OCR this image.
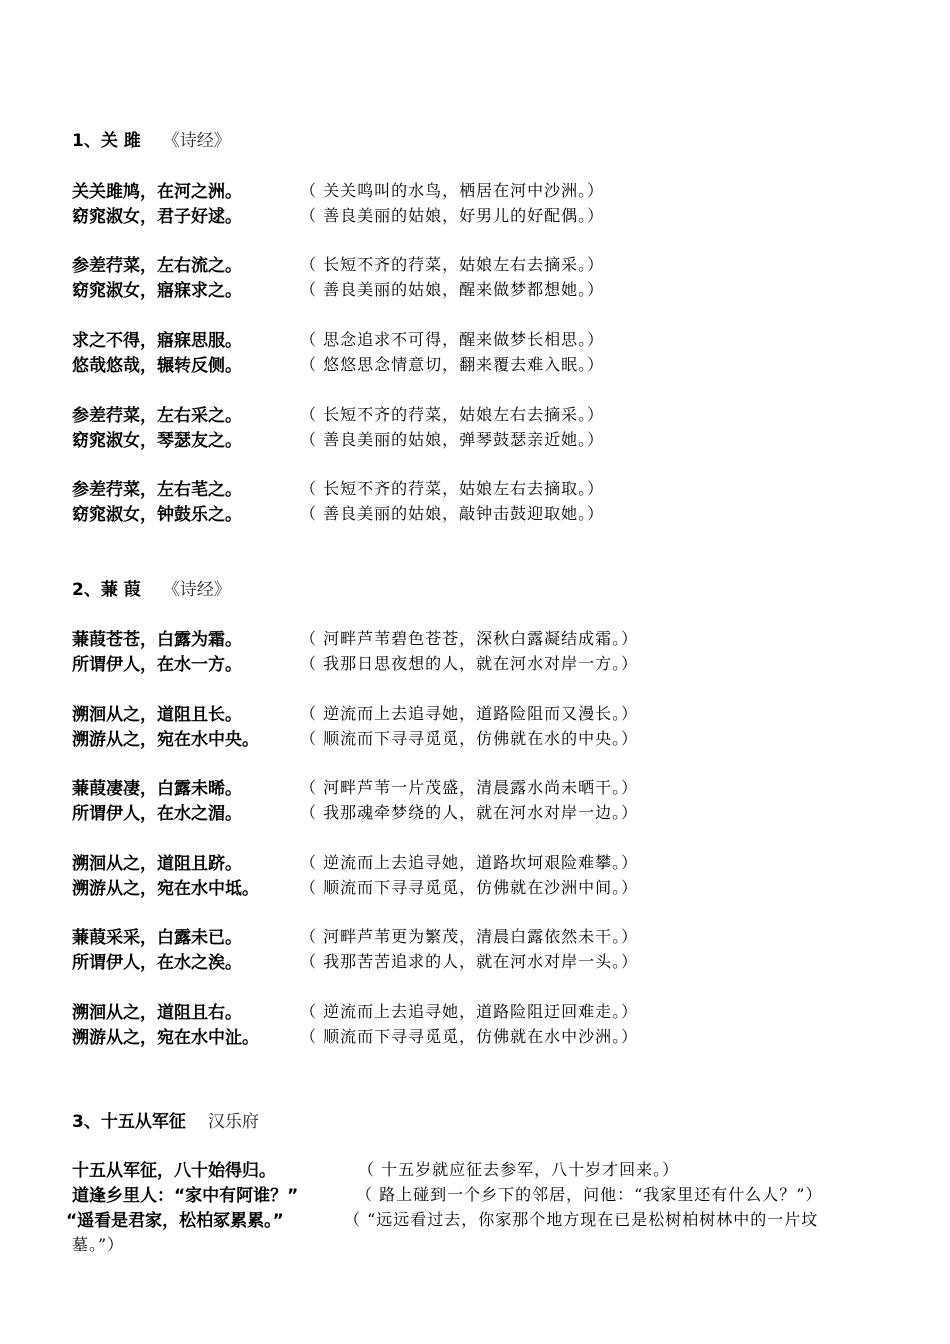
1、关 雎 《诗经》
关关雎鸠，在河之洲。	（ 关关鸣叫的水鸟，栖居在河中沙洲。）
窈窕淑女，君子好逑。	（ 善良美丽的姑娘，好男儿的好配偶。）
参差荇菜，左右流之。	（ 长短不齐的荇菜，姑娘左右去摘采。）
窈窕淑女，寤寐求之。	（ 善良美丽的姑娘，醒来做梦都想她。）
求之不得，寤寐思服。	（ 思念追求不可得，醒来做梦长相思。）
悠哉悠哉，辗转反侧。	（ 悠悠思念情意切，翻来覆去难入眠。）
参差荇菜，左右采之。	（ 长短不齐的荇菜，姑娘左右去摘采。）
窈窕淑女，琴瑟友之。	（ 善良美丽的姑娘，弹琴鼓瑟亲近她。）
参差荇菜，左右芼之。	（ 长短不齐的荇菜，姑娘左右去摘取。）
窈窕淑女，钟鼓乐之。	（ 善良美丽的姑娘，敲钟击鼓迎取她。）
2、蒹 葭 《诗经》
蒹葭苍苍，白露为霜。	（ 河畔芦苇碧色苍苍，深秋白露凝结成霜。）
所谓伊人，在水一方。	（ 我那日思夜想的人，就在河水对岸一方。）
溯洄从之，道阻且长。	（ 逆流而上去追寻她，道路险阻而又漫长。）
溯游从之，宛在水中央。	（ 顺流而下寻寻觅觅，仿佛就在水的中央。）
蒹葭凄凄，白露未晞。	（ 河畔芦苇一片茂盛，清晨露水尚未晒干。）
所谓伊人，在水之湄。	（ 我那魂牵梦绕的人，就在河水对岸一边。）
溯洄从之，道阻且跻。	（ 逆流而上去追寻她，道路坎坷艰险难攀。）
溯游从之，宛在水中坻。	（ 顺流而下寻寻觅觅，仿佛就在沙洲中间。）
蒹葭采采，白露未已。	（ 河畔芦苇更为繁茂，清晨白露依然未干。）
所谓伊人，在水之涘。	（ 我那苦苦追求的人，就在河水对岸一头。）
溯洄从之，道阻且右。	（ 逆流而上去追寻她，道路险阻迂回难走。）
溯游从之，宛在水中沚。	（ 顺流而下寻寻觅觅，仿佛就在水中沙洲。）
3、十五从军征 汉乐府
十五从军征，八十始得归。	（ 十五岁就应征去参军，八十岁才回来。）
道逢乡里人：“家中有阿谁？”	（ 路上碰到一个乡下的邻居，问他：“我家里还有什么人？”）
“遥看是君家，松柏冢累累。”	（ “远远看过去，你家那个地方现在已是松树柏树林中的一片坟
墓。”）
